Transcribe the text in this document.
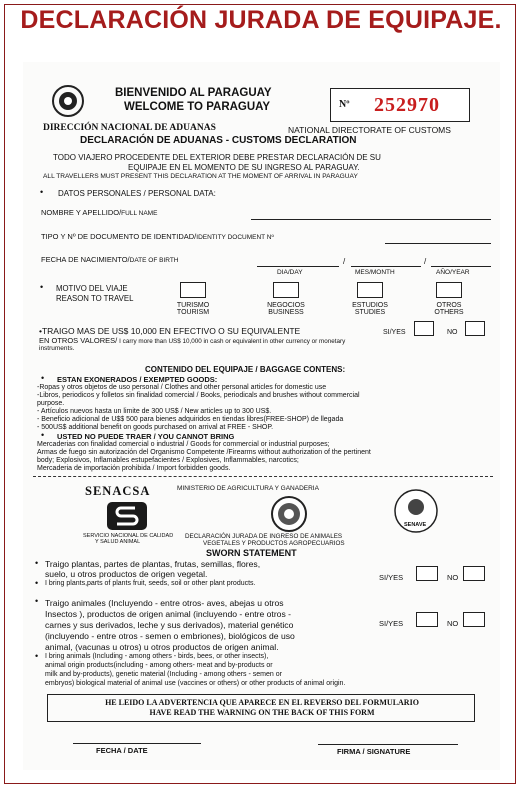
DECLARACIÓN JURADA DE EQUIPAJE.
BIENVENIDO AL PARAGUAY
WELCOME TO PARAGUAY	Nº 252970
DIRECCIÓN NACIONAL DE ADUANAS	NATIONAL DIRECTORATE OF CUSTOMS
DECLARACIÓN DE ADUANAS - CUSTOMS DECLARATION
TODO VIAJERO PROCEDENTE DEL EXTERIOR DEBE PRESTAR DECLARACIÓN DE SU
EQUIPAJE EN EL MOMENTO DE SU INGRESO AL PARAGUAY.
ALL TRAVELLERS MUST PRESENT THIS DECLARATION AT THE MOMENT OF ARRIVAL IN PARAGUAY
• DATOS PERSONALES / PERSONAL DATA:
NOMBRE Y APELLIDO/FULL NAME
TIPO Y Nº DE DOCUMENTO DE IDENTIDAD/IDENTITY DOCUMENT Nº
FECHA DE NACIMIENTO/DATE OF BIRTH	/	/
DIA/DAY	MES/MONTH	AÑO/YEAR
• MOTIVO DEL VIAJE
REASON TO TRAVEL
TURISMO
TOURISM
NEGOCIOS
BUSINESS
ESTUDIOS
STUDIES
OTROS
OTHERS
•TRAIGO MAS DE US$ 10,000 EN EFECTIVO O SU EQUIVALENTE
EN OTROS VALORES/ I carry more than US$ 10,000 in cash or equivalent in other currency or monetary
instruments.
SI/YES	NO
CONTENIDO DEL EQUIPAJE / BAGGAGE CONTENS:
• ESTAN EXONERADOS / EXEMPTED GOODS:
-Ropas y otros objetos de uso personal / Clothes and other personal articles for domestic use
-Libros, periodicos y folletos sin finalidad comercial / Books, periodicals and brushes without commercial
purpose.
- Artículos nuevos hasta un limite de 300 US$ / New articles up to 300 US$.
- Beneficio adicional de U$$ 500 para bienes adquiridos en tiendas libres(FREE-SHOP) de llegada
- 500US$ additional benefit on goods purchased on arrival at FREE - SHOP.
• USTED NO PUEDE TRAER / YOU CANNOT BRING
Mercaderias con finalidad comercial o industrial / Goods for commercial or industrial purposes;
Armas de fuego sin autorización del Organismo Competente /Firearms without authorization of the pertinent
body; Explosivos, Inflamables estupefacientes / Explosives, Inflammables, narcotics;
Mercaderia de importación prohibida / Import forbidden goods.
SENACSA
SERVICIO NACIONAL DE CALIDAD
Y SALUD ANIMAL
MINISTERIO DE AGRICULTURA Y GANADERIA
DECLARACIÓN JURADA DE INGRESO DE ANIMALES
VEGETALES Y PRODUCTOS AGROPECUARIOS
SWORN STATEMENT
SENAVE
• Traigo plantas, partes de plantas, frutas, semillas, flores,
suelo, u otros productos de origen vegetal.
• I bring plants,parts of plants fruit, seeds, soil or other plant products.
SI/YES	NO
• Traigo animales (Incluyendo - entre otros- aves, abejas u otros
Insectos ), productos de origen animal (incluyendo - entre otros -
carnes y sus derivados, leche y sus derivados), material genético
(incluyendo - entre otros - semen o embriones), biológicos de uso
animal, (vacunas u otros) u otros productos de origen animal.
SI/YES	NO
• I bring animals (Including - among others - birds, bees, or other insects),
animal origin products(including - among others- meat and by-products or
milk and by-products), genetic material (Including - among others - semen or
embryos) biological material of animal use (vaccines or others) or other products of animal origin.
HE LEIDO LA ADVERTENCIA QUE APARECE EN EL REVERSO DEL FORMULARIO
HAVE READ THE WARNING ON THE BACK OF THIS FORM
FECHA / DATE	FIRMA / SIGNATURE
